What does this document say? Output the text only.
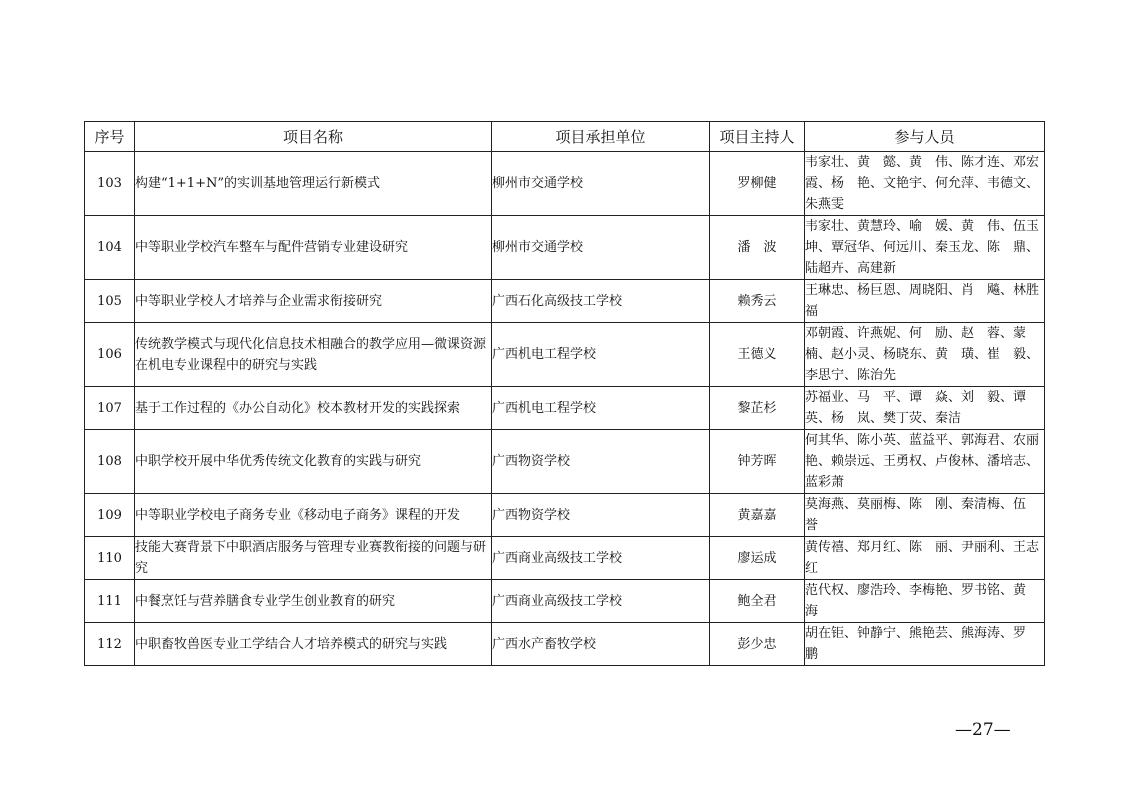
序号	项目名称	项目承担单位	项目主持人	参与人员
103	构建“1+1+N”的实训基地管理运行新模式	柳州市交通学校	罗柳健	韦家壮、黄　懿、黄　伟、陈才连、邓宏霞、杨　艳、文艳宇、何允萍、韦德文、朱燕雯
104	中等职业学校汽车整车与配件营销专业建设研究	柳州市交通学校	潘　波	韦家壮、黄慧玲、喻　媛、黄　伟、伍玉坤、覃冠华、何远川、秦玉龙、陈　鼎、陆超卉、高建新
105	中等职业学校人才培养与企业需求衔接研究	广西石化高级技工学校	赖秀云	王琳忠、杨巨恩、周晓阳、肖　飚、林胜福
106	传统教学模式与现代化信息技术相融合的教学应用—微课资源在机电专业课程中的研究与实践	广西机电工程学校	王德义	邓朝霞、许燕妮、何　励、赵　蓉、蒙　楠、赵小灵、杨晓东、黄　璜、崔　毅、李思宁、陈治先
107	基于工作过程的《办公自动化》校本教材开发的实践探索	广西机电工程学校	黎芷杉	苏福业、马　平、谭　焱、刘　毅、谭　英、杨　岚、樊丁荧、秦洁
108	中职学校开展中华优秀传统文化教育的实践与研究	广西物资学校	钟芳晖	何其华、陈小英、蓝益平、郭海君、农丽艳、赖崇远、王勇权、卢俊林、潘培志、蓝彩萧
109	中等职业学校电子商务专业《移动电子商务》课程的开发	广西物资学校	黄嘉嘉	莫海燕、莫丽梅、陈　刚、秦清梅、伍　誉
110	技能大赛背景下中职酒店服务与管理专业赛教衔接的问题与研究	广西商业高级技工学校	廖运成	黄传禧、郑月红、陈　丽、尹丽利、王志红
111	中餐烹饪与营养膳食专业学生创业教育的研究	广西商业高级技工学校	鲍全君	范代权、廖浩玲、李梅艳、罗书铭、黄　海
112	中职畜牧兽医专业工学结合人才培养模式的研究与实践	广西水产畜牧学校	彭少忠	胡在钜、钟静宁、熊艳芸、熊海涛、罗　鹏
—27—
